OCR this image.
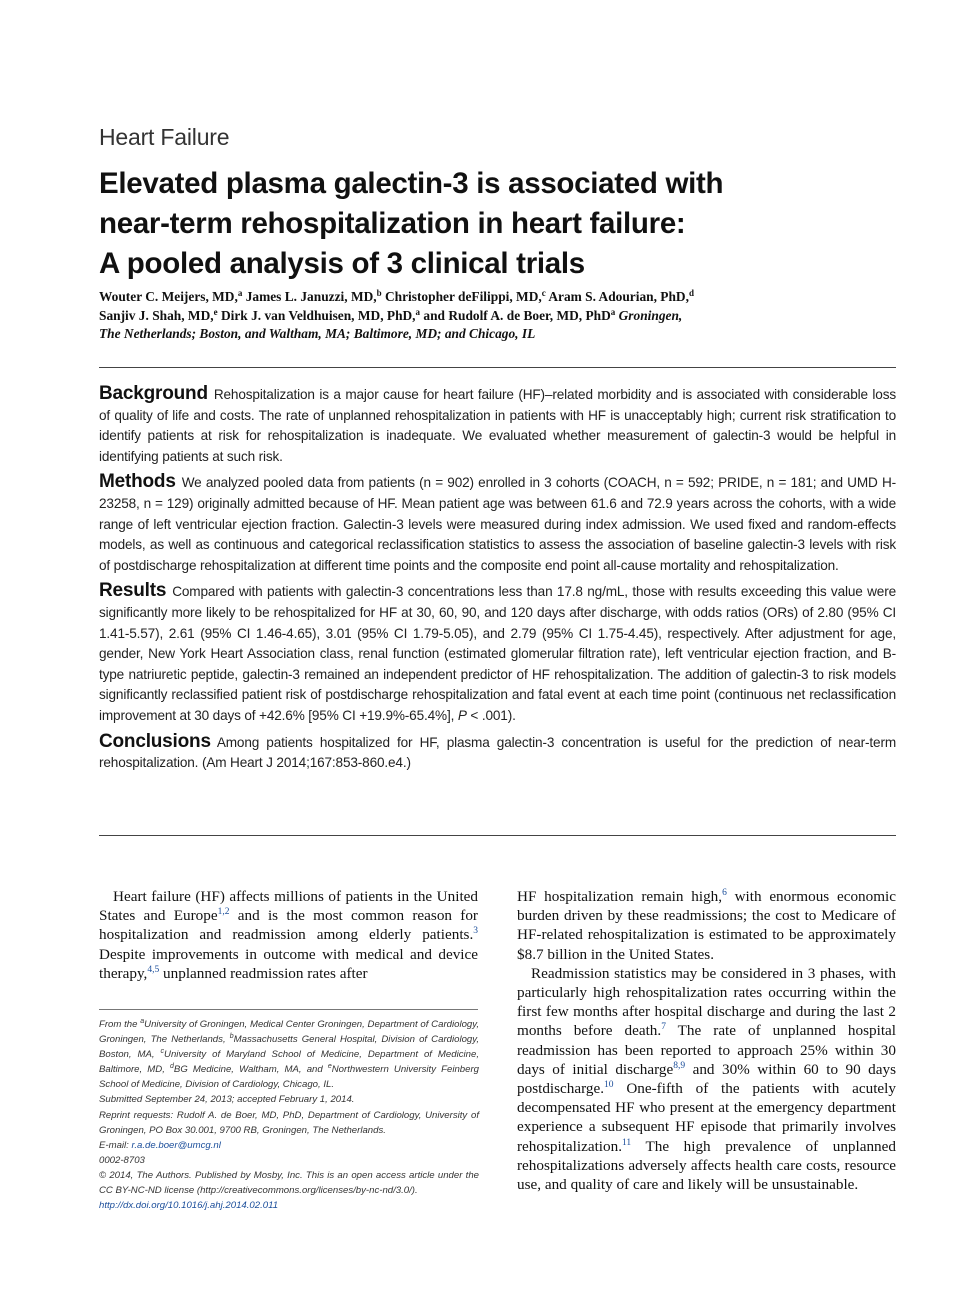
Heart Failure
Elevated plasma galectin-3 is associated with
near-term rehospitalization in heart failure:
A pooled analysis of 3 clinical trials
Wouter C. Meijers, MD,$^a$ James L. Januzzi, MD,$^b$ Christopher deFilippi, MD,$^c$ Aram S. Adourian, PhD,$^d$
Sanjiv J. Shah, MD,$^e$ Dirk J. van Veldhuisen, MD, PhD,$^a$ and Rudolf A. de Boer, MD, PhD$^a$ Groningen,
The Netherlands; Boston, and Waltham, MA; Baltimore, MD; and Chicago, IL

Background Rehospitalization is a major cause for heart failure (HF)–related morbidity and is associated with considerable loss of quality of life and costs. The rate of unplanned rehospitalization in patients with HF is unacceptably high; current risk stratification to identify patients at risk for rehospitalization is inadequate. We evaluated whether measurement of galectin-3 would be helpful in identifying patients at such risk.

Methods We analyzed pooled data from patients (n = 902) enrolled in 3 cohorts (COACH, n = 592; PRIDE, n = 181; and UMD H-23258, n = 129) originally admitted because of HF. Mean patient age was between 61.6 and 72.9 years across the cohorts, with a wide range of left ventricular ejection fraction. Galectin-3 levels were measured during index admission. We used fixed and random-effects models, as well as continuous and categorical reclassification statistics to assess the association of baseline galectin-3 levels with risk of postdischarge rehospitalization at different time points and the composite end point all-cause mortality and rehospitalization.

Results Compared with patients with galectin-3 concentrations less than 17.8 ng/mL, those with results exceeding this value were significantly more likely to be rehospitalized for HF at 30, 60, 90, and 120 days after discharge, with odds ratios (ORs) of 2.80 (95% CI 1.41-5.57), 2.61 (95% CI 1.46-4.65), 3.01 (95% CI 1.79-5.05), and 2.79 (95% CI 1.75-4.45), respectively. After adjustment for age, gender, New York Heart Association class, renal function (estimated glomerular filtration rate), left ventricular ejection fraction, and B-type natriuretic peptide, galectin-3 remained an independent predictor of HF rehospitalization. The addition of galectin-3 to risk models significantly reclassified patient risk of postdischarge rehospitalization and fatal event at each time point (continuous net reclassification improvement at 30 days of +42.6% [95% CI +19.9%-65.4%], P < .001).

Conclusions Among patients hospitalized for HF, plasma galectin-3 concentration is useful for the prediction of near-term rehospitalization. (Am Heart J 2014;167:853-860.e4.)

Heart failure (HF) affects millions of patients in the United States and Europe$^{1,2}$ and is the most common reason for hospitalization and readmission among elderly patients.$^3$ Despite improvements in outcome with medical and device therapy,$^{4,5}$ unplanned readmission rates after

From the $^a$University of Groningen, Medical Center Groningen, Department of Cardiology, Groningen, The Netherlands, $^b$Massachusetts General Hospital, Division of Cardiology, Boston, MA, $^c$University of Maryland School of Medicine, Department of Medicine, Baltimore, MD, $^d$BG Medicine, Waltham, MA, and $^e$Northwestern University Feinberg School of Medicine, Division of Cardiology, Chicago, IL.

Submitted September 24, 2013; accepted February 1, 2014.

Reprint requests: Rudolf A. de Boer, MD, PhD, Department of Cardiology, University of Groningen, PO Box 30.001, 9700 RB, Groningen, The Netherlands.

E-mail: r.a.de.boer@umcg.nl

0002-8703

© 2014, The Authors. Published by Mosby, Inc. This is an open access article under the CC BY-NC-ND license (http://creativecommons.org/licenses/by-nc-nd/3.0/).

http://dx.doi.org/10.1016/j.ahj.2014.02.011

HF hospitalization remain high,$^6$ with enormous economic burden driven by these readmissions; the cost to Medicare of HF-related rehospitalization is estimated to be approximately $8.7 billion in the United States.

Readmission statistics may be considered in 3 phases, with particularly high rehospitalization rates occurring within the first few months after hospital discharge and during the last 2 months before death.$^7$ The rate of unplanned hospital readmission has been reported to approach 25% within 30 days of initial discharge$^{8,9}$ and 30% within 60 to 90 days postdischarge.$^{10}$ One-fifth of the patients with acutely decompensated HF who present at the emergency department experience a subsequent HF episode that primarily involves rehospitalization.$^{11}$ The high prevalence of unplanned rehospitalizations adversely affects health care costs, resource use, and quality of care and likely will be unsustainable.
